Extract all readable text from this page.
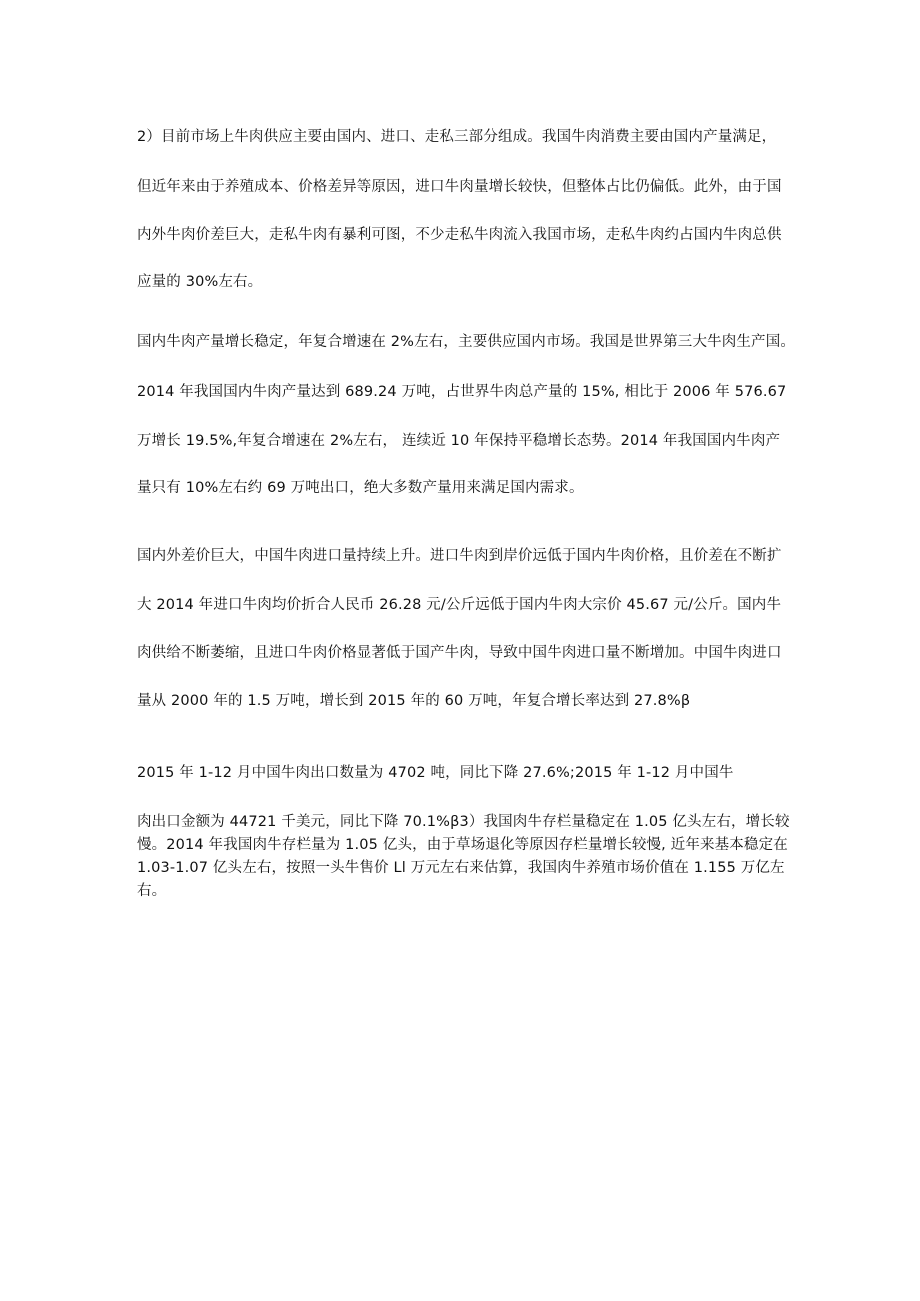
2）目前市场上牛肉供应主要由国内、进口、走私三部分组成。我国牛肉消费主要由国内产量满足，
但近年来由于养殖成本、价格差异等原因，进口牛肉量增长较快，但整体占比仍偏低。此外，由于国
内外牛肉价差巨大，走私牛肉有暴利可图，不少走私牛肉流入我国市场，走私牛肉约占国内牛肉总供
应量的 30%左右。
国内牛肉产量增长稳定，年复合增速在 2%左右，主要供应国内市场。我国是世界第三大牛肉生产国。
2014 年我国国内牛肉产量达到 689.24 万吨，占世界牛肉总产量的 15%, 相比于 2006 年 576.67
万增长 19.5%,年复合增速在 2%左右， 连续近 10 年保持平稳增长态势。2014 年我国国内牛肉产
量只有 10%左右约 69 万吨出口，绝大多数产量用来满足国内需求。
国内外差价巨大，中国牛肉进口量持续上升。进口牛肉到岸价远低于国内牛肉价格，且价差在不断扩
大 2014 年进口牛肉均价折合人民币 26.28 元/公斤远低于国内牛肉大宗价 45.67 元/公斤。国内牛
肉供给不断萎缩，且进口牛肉价格显著低于国产牛肉，导致中国牛肉进口量不断增加。中国牛肉进口
量从 2000 年的 1.5 万吨，增长到 2015 年的 60 万吨，年复合增长率达到 27.8%β
2015 年 1-12 月中国牛肉出口数量为 4702 吨，同比下降 27.6%;2015 年 1-12 月中国牛
肉出口金额为 44721 千美元，同比下降 70.1%β3）我国肉牛存栏量稳定在 1.05 亿头左右，增长较
慢。2014 年我国肉牛存栏量为 1.05 亿头，由于草场退化等原因存栏量增长较慢, 近年来基本稳定在
1.03-1.07 亿头左右，按照一头牛售价 Ll 万元左右来估算，我国肉牛养殖市场价值在 1.155 万亿左
右。
